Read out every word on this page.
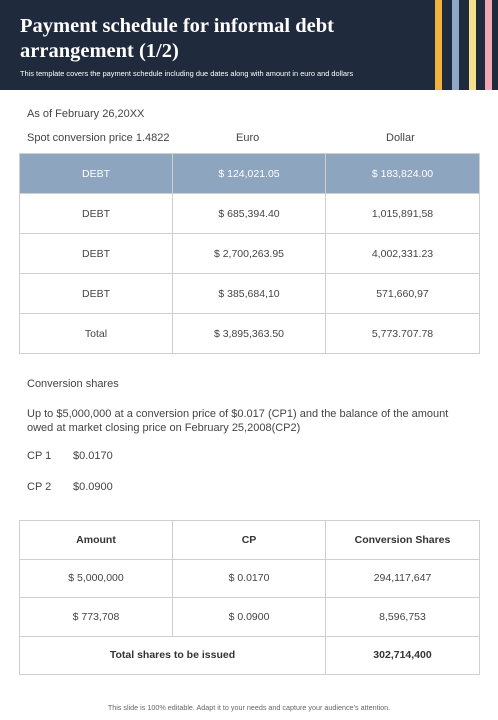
Payment schedule for informal debt arrangement (1/2)
This template covers the payment schedule including due dates along with amount in euro and dollars
As of February 26,20XX
Spot conversion price 1.4822	Euro	Dollar
DEBT	$ 124,021.05	$ 183,824.00
DEBT	$ 685,394.40	1,015,891,58
DEBT	$ 2,700,263.95	4,002,331.23
DEBT	$ 385,684,10	571,660,97
Total	$ 3,895,363.50	5,773.707.78
Conversion shares
Up to $5,000,000 at a conversion price of $0.017 (CP1) and the balance of the amount owed at market closing price on February 25,2008(CP2)
CP 1 $0.0170
CP 2 $0.0900
Amount	CP	Conversion Shares
$ 5,000,000	$ 0.0170	294,117,647
$ 773,708	$ 0.0900	8,596,753
Total shares to be issued		302,714,400
This slide is 100% editable. Adapt it to your needs and capture your audience’s attention.
